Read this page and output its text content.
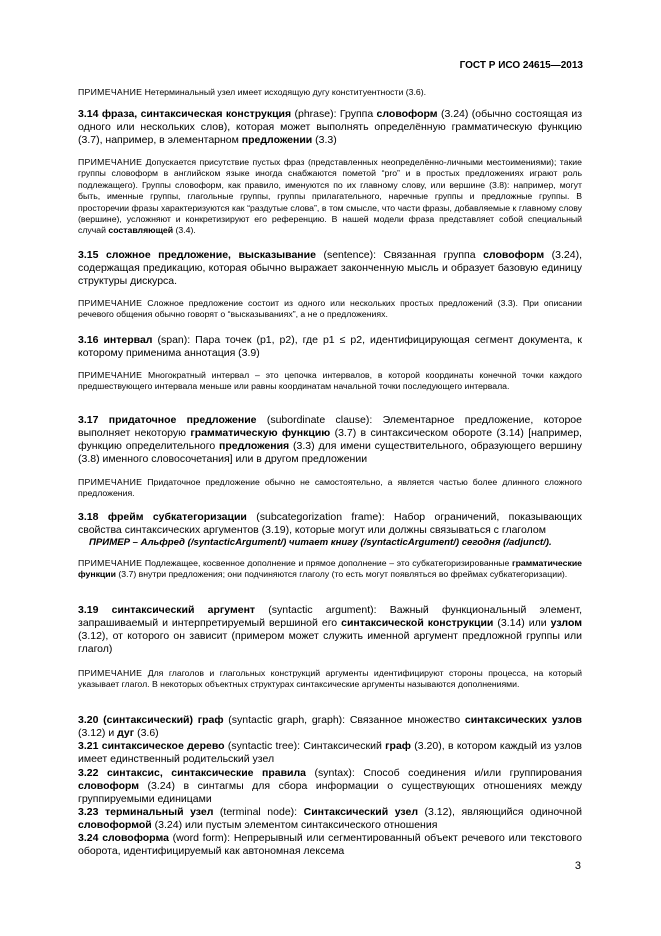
ГОСТ Р ИСО 24615—2013
ПРИМЕЧАНИЕ Нетерминальный узел имеет исходящую дугу конституентности (3.6).
3.14 фраза, синтаксическая конструкция (phrase): Группа словоформ (3.24) (обычно состоящая из одного или нескольких слов), которая может выполнять определённую грамматическую функцию (3.7), например, в элементарном предложении (3.3)
ПРИМЕЧАНИЕ Допускается присутствие пустых фраз (представленных неопределённо-личными местоимениями); такие группы словоформ в английском языке иногда снабжаются пометой “pro” и в простых предложениях играют роль подлежащего). Группы словоформ, как правило, именуются по их главному слову, или вершине (3.8): например, могут быть, именные группы, глагольные группы, группы прилагательного, наречные группы и предложные группы. В просторечии фразы характеризуются как “раздутые слова”, в том смысле, что части фразы, добавляемые к главному слову (вершине), усложняют и конкретизируют его референцию. В нашей модели фраза представляет собой специальный случай составляющей (3.4).
3.15 сложное предложение, высказывание (sentence): Связанная группа словоформ (3.24), содержащая предикацию, которая обычно выражает законченную мысль и образует базовую единицу структуры дискурса.
ПРИМЕЧАНИЕ Сложное предложение состоит из одного или нескольких простых предложений (3.3). При описании речевого общения обычно говорят о “высказываниях”, а не о предложениях.
3.16 интервал (span): Пара точек (p1, p2), где p1 ≤ p2, идентифицирующая сегмент документа, к которому применима аннотация (3.9)
ПРИМЕЧАНИЕ Многократный интервал – это цепочка интервалов, в которой координаты конечной точки каждого предшествующего интервала меньше или равны координатам начальной точки последующего интервала.
3.17 придаточное предложение (subordinate clause): Элементарное предложение, которое выполняет некоторую грамматическую функцию (3.7) в синтаксическом обороте (3.14) [например, функцию определительного предложения (3.3) для имени существительного, образующего вершину (3.8) именного словосочетания] или в другом предложении
ПРИМЕЧАНИЕ Придаточное предложение обычно не самостоятельно, а является частью более длинного сложного предложения.
3.18 фрейм субкатегоризации (subcategorization frame): Набор ограничений, показывающих свойства синтаксических аргументов (3.19), которые могут или должны связываться с глаголом
ПРИМЕР – Альфред (/syntacticArgument/) читает книгу (/syntacticArgument/) сегодня (/adjunct/).
ПРИМЕЧАНИЕ Подлежащее, косвенное дополнение и прямое дополнение – это субкатегоризированные грамматические функции (3.7) внутри предложения; они подчиняются глаголу (то есть могут появляться во фреймах субкатегоризации).
3.19 синтаксический аргумент (syntactic argument): Важный функциональный элемент, запрашиваемый и интерпретируемый вершиной его синтаксической конструкции (3.14) или узлом (3.12), от которого он зависит (примером может служить именной аргумент предложной группы или глагол)
ПРИМЕЧАНИЕ Для глаголов и глагольных конструкций аргументы идентифицируют стороны процесса, на который указывает глагол. В некоторых объектных структурах синтаксические аргументы называются дополнениями.
3.20 (синтаксический) граф (syntactic graph, graph): Связанное множество синтаксических узлов (3.12) и дуг (3.6)
3.21 синтаксическое дерево (syntactic tree): Синтаксический граф (3.20), в котором каждый из узлов имеет единственный родительский узел
3.22 синтаксис, синтаксические правила (syntax): Способ соединения и/или группирования словоформ (3.24) в синтагмы для сбора информации о существующих отношениях между группируемыми единицами
3.23 терминальный узел (terminal node): Синтаксический узел (3.12), являющийся одиночной словоформой (3.24) или пустым элементом синтаксического отношения
3.24 словоформа (word form): Непрерывный или сегментированный объект речевого или текстового оборота, идентифицируемый как автономная лексема
3
